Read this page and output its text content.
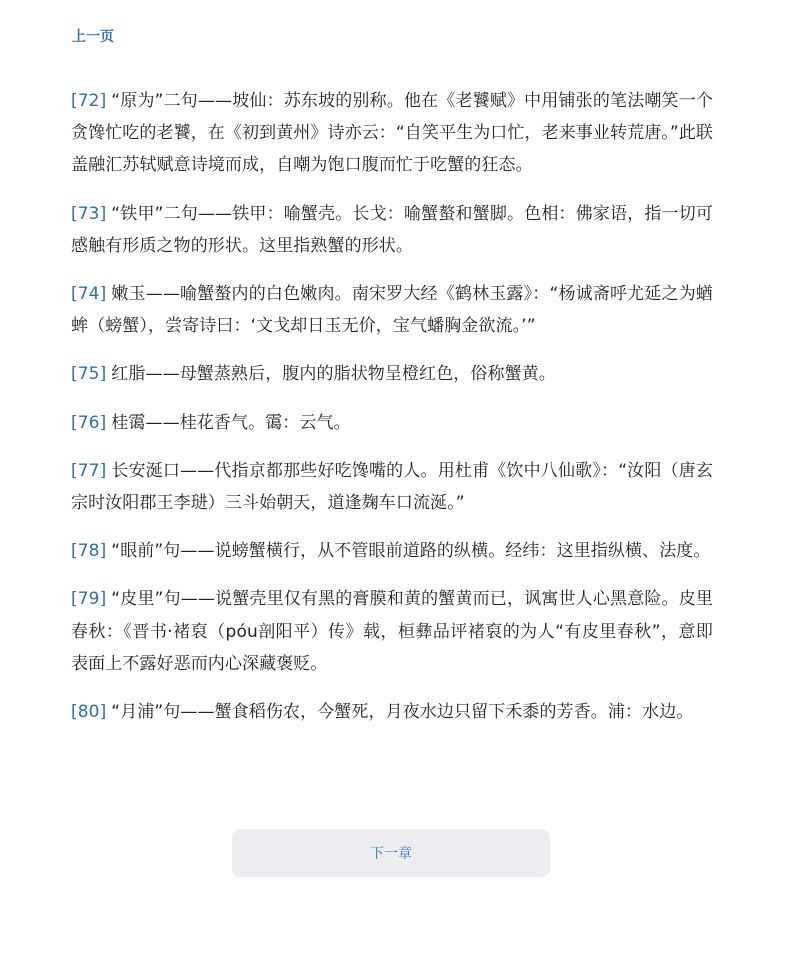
上一页
[72] “原为”二句——坡仙：苏东坡的别称。他在《老饕赋》中用铺张的笔法嘲笑一个贪馋忙吃的老饕，在《初到黄州》诗亦云：“自笑平生为口忙，老来事业转荒唐。”此联盖融汇苏轼赋意诗境而成，自嘲为饱口腹而忙于吃蟹的狂态。
[73] “铁甲”二句——铁甲：喻蟹壳。长戈：喻蟹螯和蟹脚。色相：佛家语，指一切可感触有形质之物的形状。这里指熟蟹的形状。
[74] 嫩玉——喻蟹螯内的白色嫩肉。南宋罗大经《鹤林玉露》：“杨诚斋呼尤延之为蝤蛑（螃蟹），尝寄诗曰：‘文戈却日玉无价，宝气蟠胸金欲流。’”
[75] 红脂——母蟹蒸熟后，腹内的脂状物呈橙红色，俗称蟹黄。
[76] 桂霭——桂花香气。霭：云气。
[77] 长安涎口——代指京都那些好吃馋嘴的人。用杜甫《饮中八仙歌》：“汝阳（唐玄宗时汝阳郡王李琎）三斗始朝天，道逢麹车口流涎。”
[78] “眼前”句——说螃蟹横行，从不管眼前道路的纵横。经纬：这里指纵横、法度。
[79] “皮里”句——说蟹壳里仅有黑的膏膜和黄的蟹黄而已，讽寓世人心黑意险。皮里春秋：《晋书·褚裒（póu剖阳平）传》载，桓彝品评褚裒的为人“有皮里春秋”，意即表面上不露好恶而内心深藏褒贬。
[80] “月浦”句——蟹食稻伤农，今蟹死，月夜水边只留下禾黍的芳香。浦：水边。
下一章
